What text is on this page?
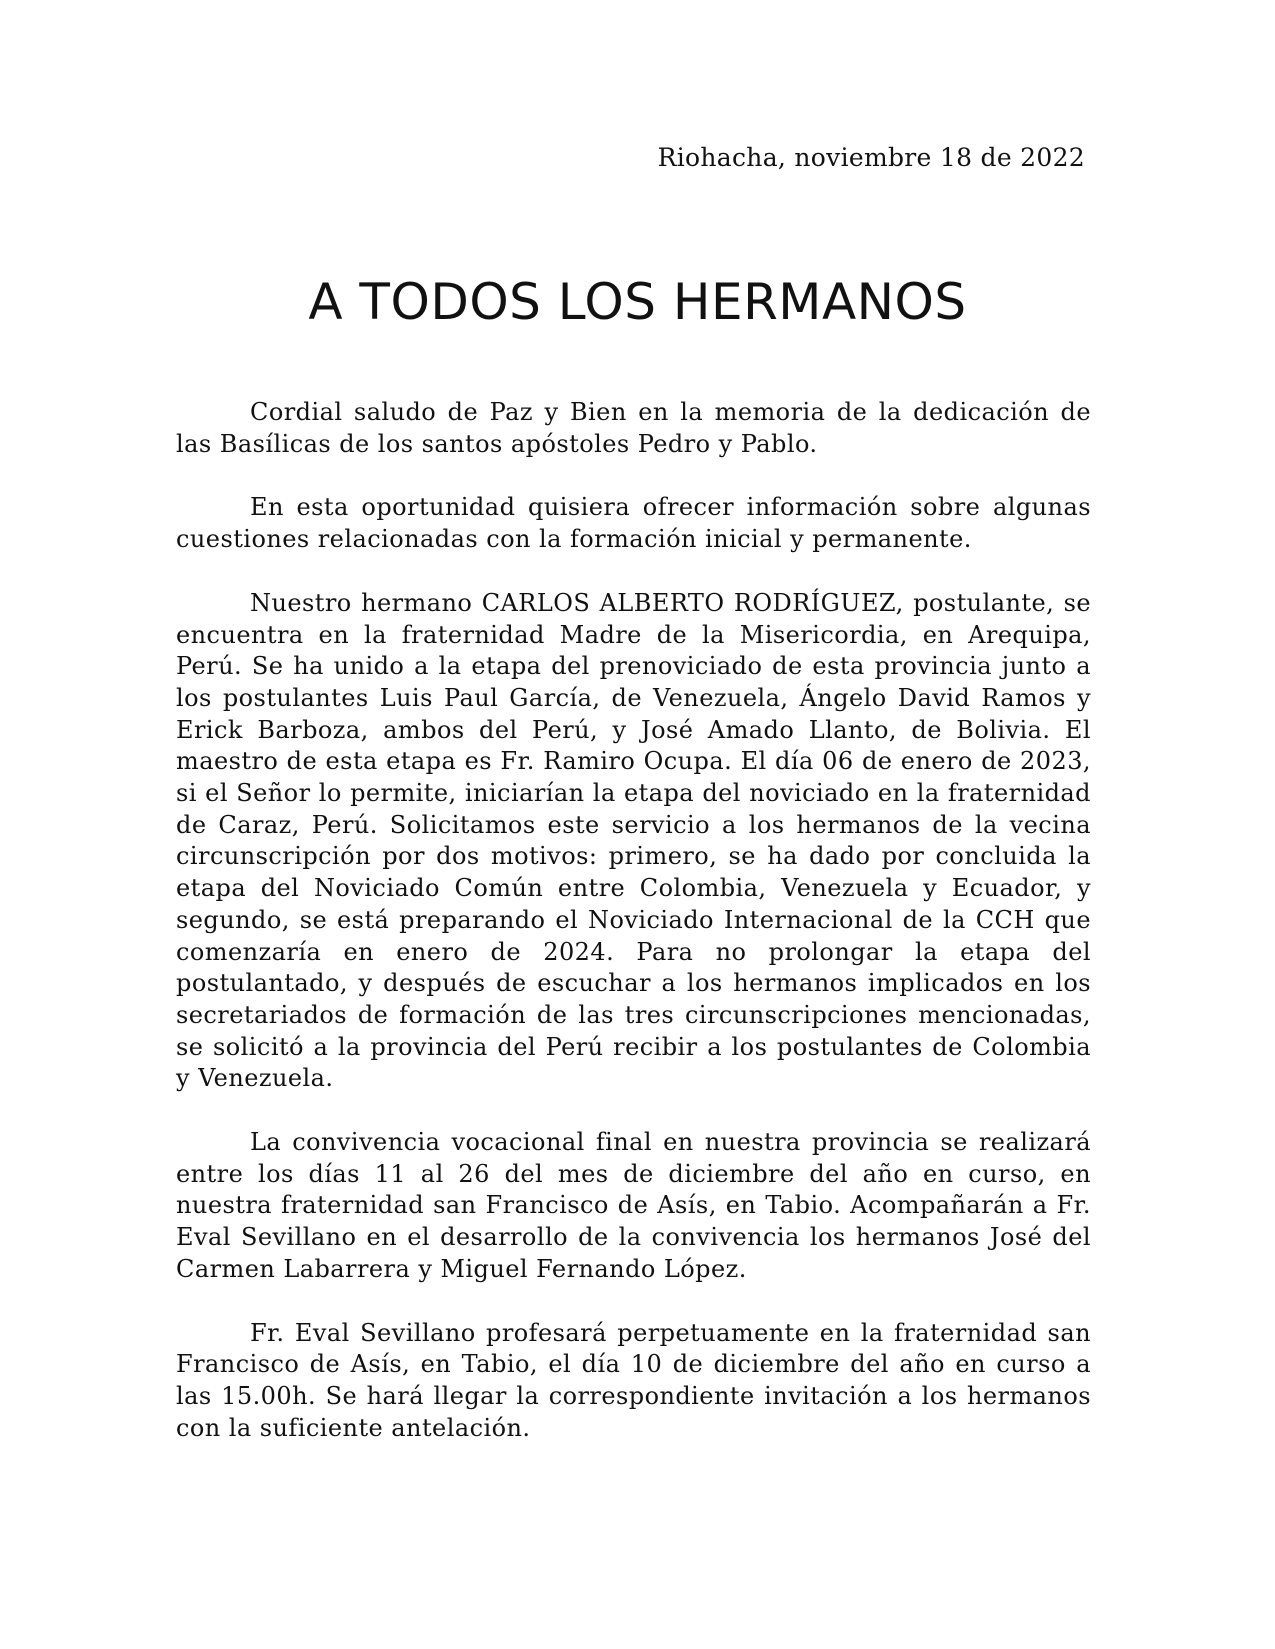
Riohacha, noviembre 18 de 2022
A TODOS LOS HERMANOS

Cordial saludo de Paz y Bien en la memoria de la dedicación de las Basílicas de los santos apóstoles Pedro y Pablo.

En esta oportunidad quisiera ofrecer información sobre algunas cuestiones relacionadas con la formación inicial y permanente.

Nuestro hermano CARLOS ALBERTO RODRÍGUEZ, postulante, se encuentra en la fraternidad Madre de la Misericordia, en Arequipa, Perú. Se ha unido a la etapa del prenoviciado de esta provincia junto a los postulantes Luis Paul García, de Venezuela, Ángelo David Ramos y Erick Barboza, ambos del Perú, y José Amado Llanto, de Bolivia. El maestro de esta etapa es Fr. Ramiro Ocupa. El día 06 de enero de 2023, si el Señor lo permite, iniciarían la etapa del noviciado en la fraternidad de Caraz, Perú. Solicitamos este servicio a los hermanos de la vecina circunscripción por dos motivos: primero, se ha dado por concluida la etapa del Noviciado Común entre Colombia, Venezuela y Ecuador, y segundo, se está preparando el Noviciado Internacional de la CCH que comenzaría en enero de 2024. Para no prolongar la etapa del postulantado, y después de escuchar a los hermanos implicados en los secretariados de formación de las tres circunscripciones mencionadas, se solicitó a la provincia del Perú recibir a los postulantes de Colombia y Venezuela.

La convivencia vocacional final en nuestra provincia se realizará entre los días 11 al 26 del mes de diciembre del año en curso, en nuestra fraternidad san Francisco de Asís, en Tabio. Acompañarán a Fr. Eval Sevillano en el desarrollo de la convivencia los hermanos José del Carmen Labarrera y Miguel Fernando López.

Fr. Eval Sevillano profesará perpetuamente en la fraternidad san Francisco de Asís, en Tabio, el día 10 de diciembre del año en curso a las 15.00h. Se hará llegar la correspondiente invitación a los hermanos con la suficiente antelación.
